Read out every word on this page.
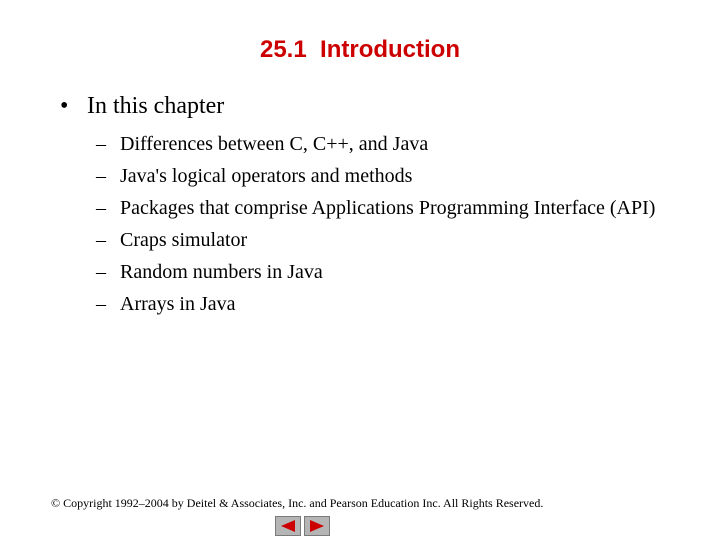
25.1  Introduction
• In this chapter
– Differences between C, C++, and Java
– Java's logical operators and methods
– Packages that comprise Applications Programming Interface (API)
– Craps simulator
– Random numbers in Java
– Arrays in Java
© Copyright 1992–2004 by Deitel & Associates, Inc. and Pearson Education Inc. All Rights Reserved.
